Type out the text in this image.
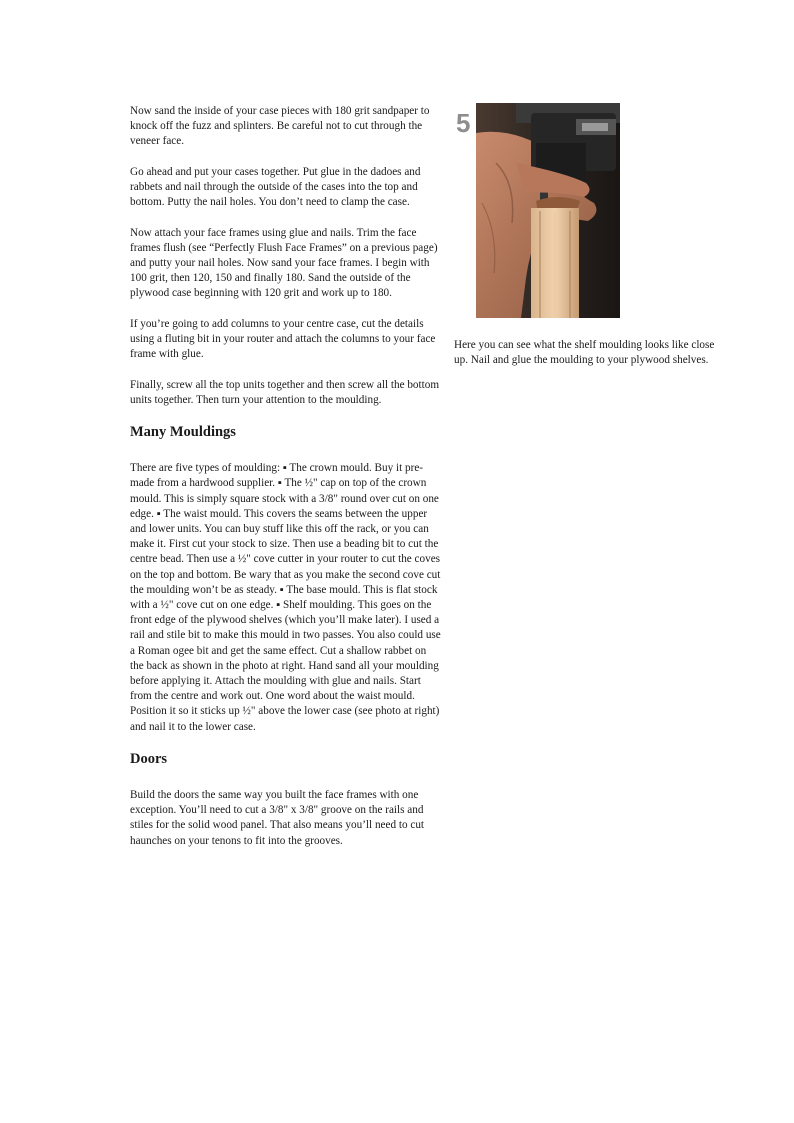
Now sand the inside of your case pieces with 180 grit sandpaper to knock off the fuzz and splinters. Be careful not to cut through the veneer face.

Go ahead and put your cases together. Put glue in the dadoes and rabbets and nail through the outside of the cases into the top and bottom. Putty the nail holes. You don’t need to clamp the case.

Now attach your face frames using glue and nails. Trim the face frames flush (see “Perfectly Flush Face Frames” on a previous page) and putty your nail holes. Now sand your face frames. I begin with 100 grit, then 120, 150 and finally 180. Sand the outside of the plywood case beginning with 120 grit and work up to 180.

If you’re going to add columns to your centre case, cut the details using a fluting bit in your router and attach the columns to your face frame with glue.

Finally, screw all the top units together and then screw all the bottom units together. Then turn your attention to the moulding.

Many Mouldings

There are five types of moulding: ▪ The crown mould. Buy it pre-made from a hardwood supplier. ▪ The ½" cap on top of the crown mould. This is simply square stock with a 3/8" round over cut on one edge. ▪ The waist mould. This covers the seams between the upper and lower units. You can buy stuff like this off the rack, or you can make it. First cut your stock to size. Then use a beading bit to cut the centre bead. Then use a ½" cove cutter in your router to cut the coves on the top and bottom. Be wary that as you make the second cove cut the moulding won’t be as steady. ▪ The base mould. This is flat stock with a ½" cove cut on one edge. ▪ Shelf moulding. This goes on the front edge of the plywood shelves (which you’ll make later). I used a rail and stile bit to make this mould in two passes. You also could use a Roman ogee bit and get the same effect. Cut a shallow rabbet on the back as shown in the photo at right. Hand sand all your moulding before applying it. Attach the moulding with glue and nails. Start from the centre and work out. One word about the waist mould. Position it so it sticks up ½" above the lower case (see photo at right) and nail it to the lower case.

Doors

Build the doors the same way you built the face frames with one exception. You’ll need to cut a 3/8" x 3/8" groove on the rails and stiles for the solid wood panel. That also means you’ll need to cut haunches on your tenons to fit into the grooves.

5

Here you can see what the shelf moulding looks like close up. Nail and glue the moulding to your plywood shelves.
